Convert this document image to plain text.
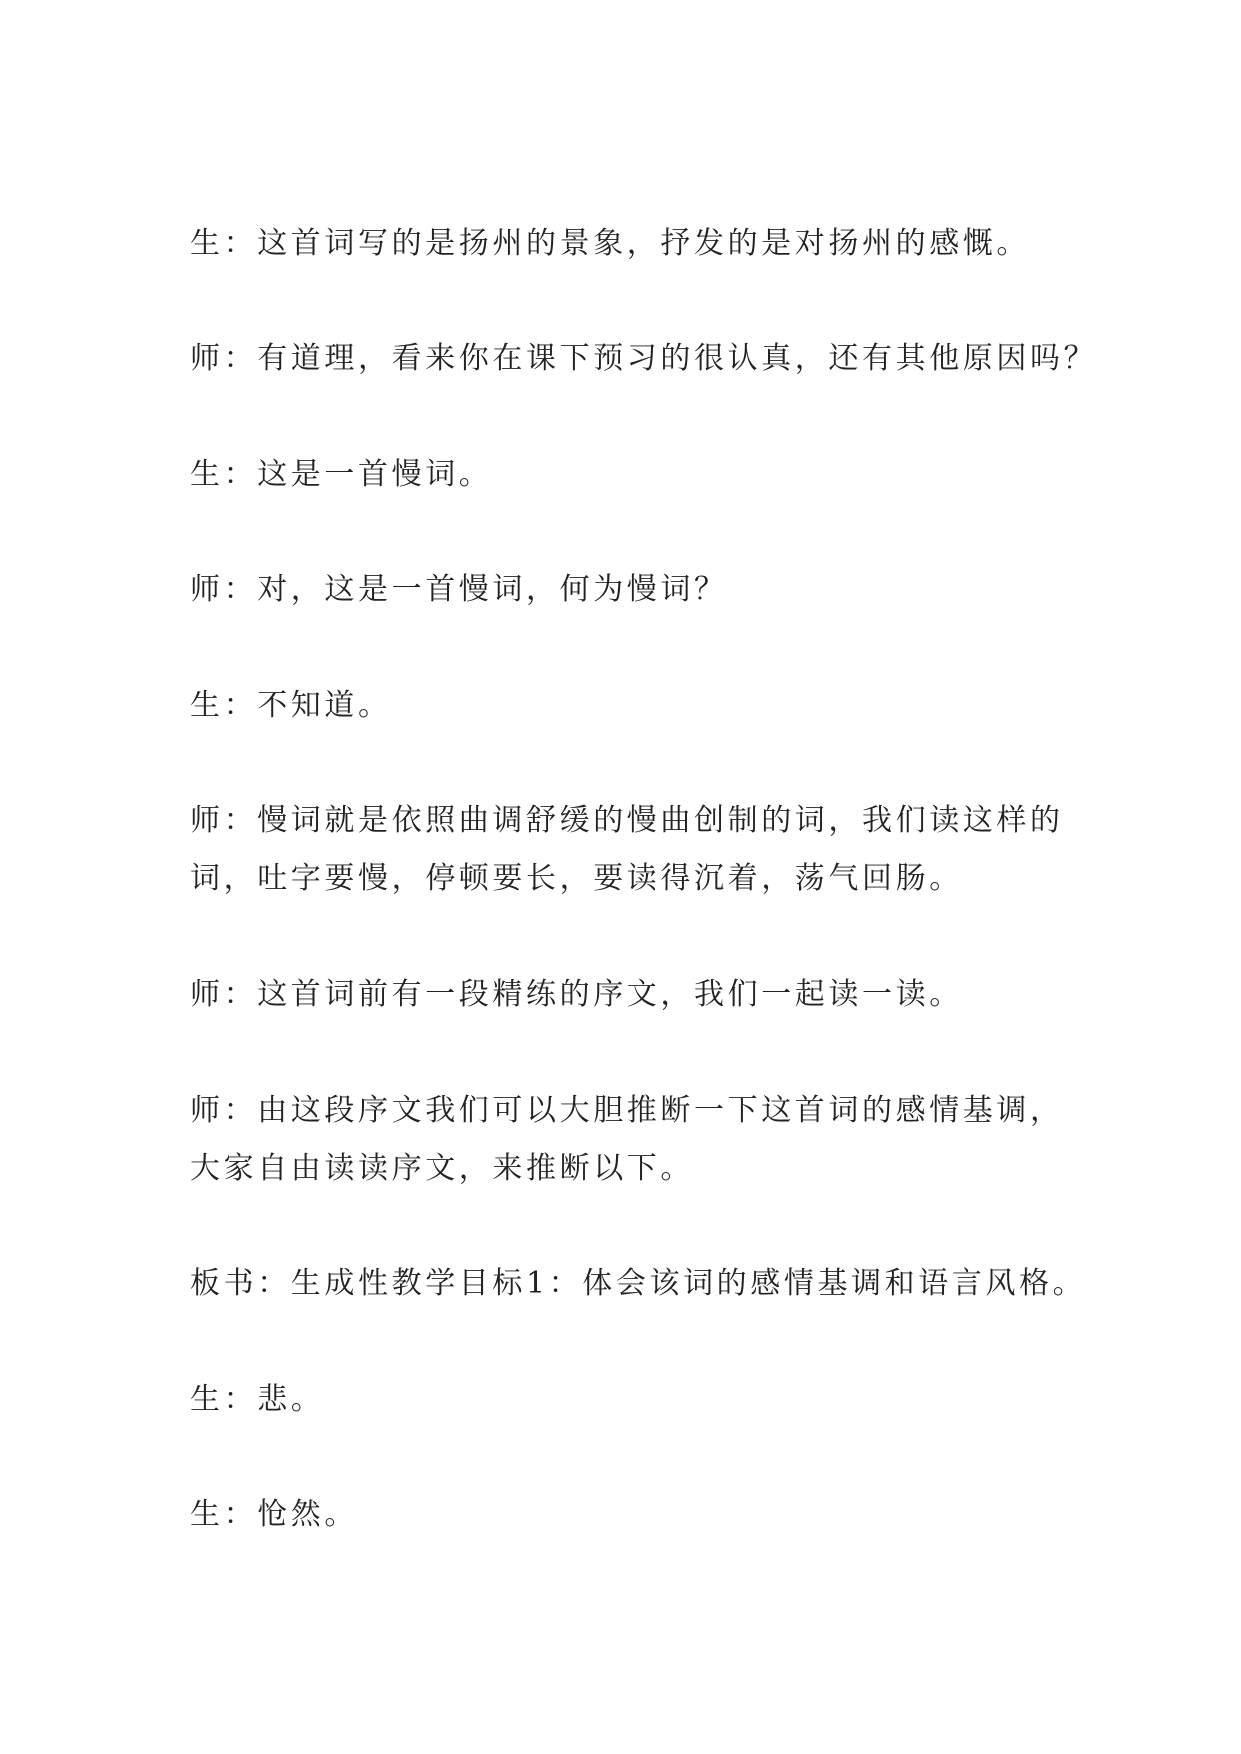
生：这首词写的是扬州的景象，抒发的是对扬州的感慨。

师：有道理，看来你在课下预习的很认真，还有其他原因吗？

生：这是一首慢词。

师：对，这是一首慢词，何为慢词？

生：不知道。

师：慢词就是依照曲调舒缓的慢曲创制的词，我们读这样的
词，吐字要慢，停顿要长，要读得沉着，荡气回肠。

师：这首词前有一段精练的序文，我们一起读一读。

师：由这段序文我们可以大胆推断一下这首词的感情基调，
大家自由读读序文，来推断以下。

板书：生成性教学目标1：体会该词的感情基调和语言风格。

生：悲。

生：怆然。
